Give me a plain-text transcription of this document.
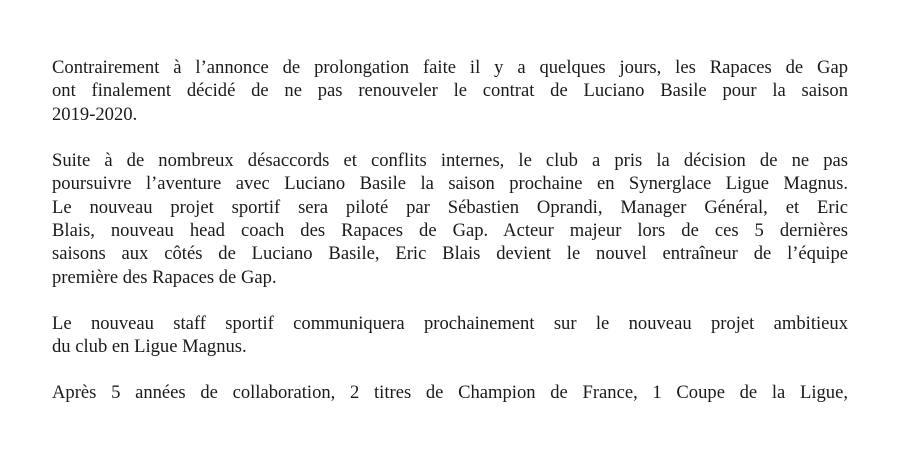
Contrairement à l’annonce de prolongation faite il y a quelques jours, les Rapaces de Gap
ont finalement décidé de ne pas renouveler le contrat de Luciano Basile pour la saison
2019-2020.

Suite à de nombreux désaccords et conflits internes, le club a pris la décision de ne pas
poursuivre l’aventure avec Luciano Basile la saison prochaine en Synerglace Ligue Magnus.
Le nouveau projet sportif sera piloté par Sébastien Oprandi, Manager Général, et Eric
Blais, nouveau head coach des Rapaces de Gap. Acteur majeur lors de ces 5 dernières
saisons aux côtés de Luciano Basile, Eric Blais devient le nouvel entraîneur de l’équipe
première des Rapaces de Gap.

Le nouveau staff sportif communiquera prochainement sur le nouveau projet ambitieux
du club en Ligue Magnus.

Après 5 années de collaboration, 2 titres de Champion de France, 1 Coupe de la Ligue,
